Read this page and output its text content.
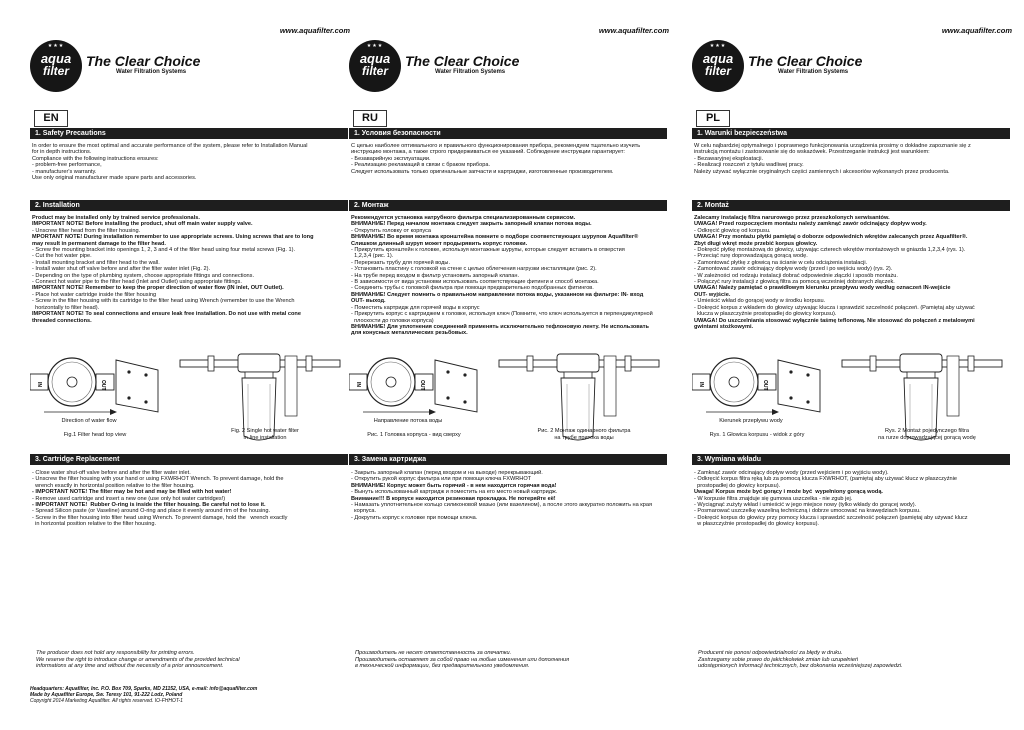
www.aquafilter.com
★★★
aqua
filter
The Clear Choice
Water Filtration Systems
EN
1. Safety Precautions
In order to ensure the most optimal and accurate performance of the system, please refer to Installation Manual
for in depth instructions.
Compliance with the following instructions ensures:
- problem-free performance,
- manufacturer's warranty.
Use only original manufacturer made spare parts and accessories.
2. Installation
Product may be installed only by trained service professionals.
IMPORTANT NOTE! Before installing the product, shut off main water supply valve.
- Unscrew filter head from the filter housing.
MPORTANT NOTE! During installation remember to use appropriate screws. Using screws that are to long
may result in permanent damage to the filter head.
- Screw the mounting bracket into openings 1, 2, 3 and 4 of the filter head using four metal screws (Fig. 1).
- Cut the hot water pipe.
- Install mounting bracket and filter head to the wall.
- Install water shut off valve before and after the filter water inlet (Fig. 2).
- Depending on the type of plumbing system, choose appropriate fittings and connections.
- Connect hot water pipe to the filter head (Inlet and Outlet) using appropriate fittings.
IMPORTANT NOTE! Remember to keep the proper direction of water flow (IN inlet, OUT Outlet).
- Place hot water cartridge inside the filter housing
- Screw in the filter housing with its cartridge to the filter head using Wrench (remember to use the Wrench
horizontally to filter head).
IMPORTANT NOTE! To seal connections and ensure leak free installation. Do not use with metal cone
threaded connections.
IN	OUT
Direction of water flow
Fig.1 Filter head top view
Fig. 2 Single hot water filter
in-line installation
3. Cartridge Replacement
- Close water shut-off valve before and after the filter water inlet.
- Unscrew the filter housing with your hand or using FXWRHOT Wrench. To prevent damage, hold the
wrench exactly in horizontal position relative to the filter housing.
- IMPORTANT NOTE! The filter may be hot and may be filled with hot water!
- Remove used cartridge and insert a new one (use only hot water cartridges!)
- IMPORTANT NOTE!  Rubber O-ring is inside the filter housing. Be careful not to lose it.
- Spread Silicon paste (or Vaseline) around O-ring and place it evenly around rim of the housing.
- Screw in the filter housing into filter head using Wrench. To prevent damage, hold the   wrench exactly
in horizontal position relative to the filter housing.
The producer does not hold any responsibility for printing errors.
We reserve the right to introduce change or amendments of the provided technical
informations at any time and without the necessity of a prior announcement.
Headquarters: Aquafilter, Inc. P.O. Box 709, Sparks, MD 21152, USA, e-mail: info@aquafilter.com
Made by Aquafilter Europe, Sw. Teresy 101, 91-222 Lodz, Poland
Copyright 2014 Marketing Aquafilter. All rights reserved. IO-FHHOT-1
www.aquafilter.com
★★★
aqua
filter
The Clear Choice
Water Filtration Systems
RU
1. Условия безопасности
С целью наиболее оптимального и правильного функционирования прибора, рекомендуем тщательно изучить
инструкцию монтажа, а также строго придерживаться ее указаний. Соблюдение инструкции гарантирует:
- Безаварийную эксплуатации.
- Реализацию рекламаций в связи с браком прибора.
Следует использовать только оригинальные запчасти и картриджи, изготовленные производителем.
2. Монтаж
Рекомендуется установка натрубного фильтра специализированным сервисом.
ВНИМАНИЕ! Перед началом монтажа следует закрыть запорный клапан потока воды.
- Открутить головку от корпуса
ВНИМАНИЕ! Во время монтажа кронштейна помните о подборе соответствующих шурупов Aquafilter®
Слишком длинный шуруп может продырявить корпус головки.
- Прикрутить кронштейн к головке, используя монтажные шурупы, которые следует вставить в отверстия
1,2,3,4 (рис. 1).
- Перерезать трубу для горячей воды.
- Установить пластину с головкой на стене с целью облегчения нагрузки инсталляции (рис. 2).
- На трубе перед входом в фильтр установить запорный клапан.
- В зависимости от вида установки использовать соответствующие фитинги и способ монтажа.
- Соединить трубы с головкой фильтра при помощи предварительно подобранных фитингов.
ВНИМАНИЕ! Следует помнить о правильном направлении потока воды, указанном на фильтре: IN- вход
OUT- выход.
- Поместить картридж для горячей воды в корпус
- Прикрутить корпус с картриджем к головке, используя ключ (Помните, что ключ используется в перпендикулярной
плоскости до головки корпуса)
ВНИМАНИЕ! Для уплотнения соединений применять исключительно тефлоновую ленту. Не использовать
для конусных металлических резьбовых.
IN	OUT
Направление потока воды
Рис. 1 Головка корпуса - вид сверху
Рис. 2 Монтаж одинарного фильтра
на трубе притока воды
3. Замена картриджа
- Закрыть запорный клапан (перед входом и на выходе) перекрывающий.
- Открутить рукой корпус фильтра или при помощи ключа FXWRHOT
ВНИМАНИЕ! Корпус может быть горячий - в нем находится горячая вода!
- Вынуть использованный картридж и поместить на его место новый картридж.
Внимание!!! В корпусе находится резиновая прокладка. Не потеряйте её!
- Намазать уплотнительное кольцо силиконовой мазью (или вазелином), а после этого аккуратно положить на края
корпуса.
- Докрутить корпус к головке при помощи ключа.
Производитель не несет ответственность за опечатки.
Производитель оставляет за собой право на любые изменения или дополнения
в технической информации, без предварительного уведомления.
www.aquafilter.com
★★★
aqua
filter
The Clear Choice
Water Filtration Systems
PL
1. Warunki bezpieczeństwa
W celu najbardziej optymalnego i poprawnego funkcjonowania urządzenia prosimy o dokładne zapoznanie się z
instrukcją montażu i zastosowanie się do wskazówek. Przestrzeganie instrukcji jest warunkiem:
- Bezawaryjnej eksploatacji.
- Realizacji roszczeń z tytułu wadliwej pracy.
Należy używać wyłącznie oryginalnych części zamiennych i akcesoriów wykonanych przez producenta.
2. Montaż
Zalecamy instalację filtra narurowego przez przeszkolonych serwisantów.
UWAGA! Przed rozpoczęciem montażu należy zamknąć zawór odcinający dopływ wody.
- Odkręcić głowicę od korpusu.
UWAGA! Przy montażu płytki pamiętaj o doborze odpowiednich wkrętów zalecanych przez Aquafilter®.
Zbyt długi wkręt może przebić korpus głowicy.
- Dokręcić płytkę montażową do głowicy, używając czterech wkrętów montażowych w gniazda 1,2,3,4 (rys. 1).
- Przeciąć rurę doprowadzającą gorącą wodę.
- Zamontować płytkę z głowicą na ścianie w celu odciążenia instalacji.
- Zamontować zawór odcinający dopływ wody (przed i po wejściu wody) (rys. 2).
- W zależności od rodzaju instalacji dobrać odpowiednie złączki i sposób montażu.
- Połączyć rury instalacji z głowicą filtra za pomocą wcześniej dobranych złączek.
UWAGA! Należy pamiętać o prawidłowym kierunku przepływu wody według oznaczeń IN-wejście
OUT- wyjście.
- Umieścić wkład do gorącej wody w środku korpusu.
- Dokręcić korpus z wkładem do głowicy używając klucza i sprawdzić szczelność połączeń. (Pamiętaj aby używać
klucza w płaszczyźnie prostopadłej do głowicy korpusu).
UWAGA! Do uszczelniania stosować wyłącznie taśmę teflonową. Nie stosować do połączeń z metalowymi
gwintami stożkowymi.
IN	OUT
Kierunek przepływu wody
Rys. 1 Głowica korpusu - widok z góry
Rys. 2 Montaż pojedynczego filtra
na rurze doprowadzającej gorącą wodę
3. Wymiana wkładu
- Zamknąć zawór odcinający dopływ wody (przed wejściem i po wyjściu wody).
- Odkręcić korpus filtra ręką lub za pomocą klucza FXWRHOT, (pamiętaj aby używać klucz w płaszczyźnie
prostopadłej do głowicy korpusu).
Uwaga! Korpus może być gorący i może być  wypełniony gorącą wodą.
- W korpusie filtra znajduje się gumowa uszczelka - nie zgub jej.
- Wyciągnąć zużyty wkład i umieścić w jego miejsce nowy (tylko wkłady do gorącej wody).
- Posmarować uszczelkę wazeliną techniczną i dobrze umocować na krawędziach korpusu.
- Dokręcić korpus do głowicy przy pomocy klucza i sprawdzić szczelność połączeń (pamiętaj aby używać klucz
w płaszczyźnie prostopadłej do głowicy korpusu).
Producent nie ponosi odpowiedzialności za błędy w druku.
Zastrzegamy sobie prawo do jakichkolwiek zmian lub uzupełnień
udostępnionych informacji technicznych, bez dokonania wcześniejszej zapowiedzi.
